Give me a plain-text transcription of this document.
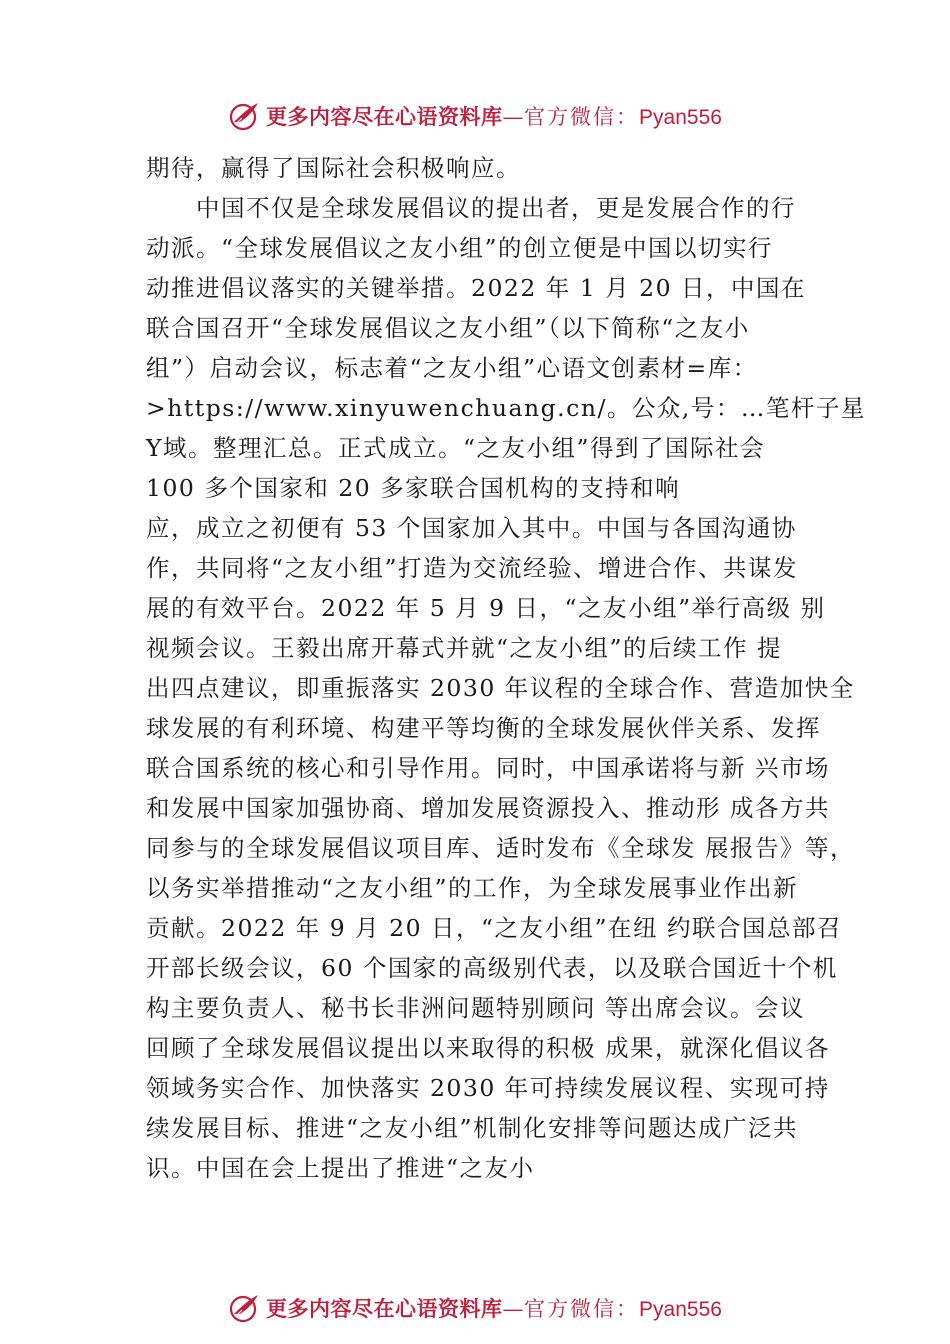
更多内容尽在心语资料库—官方微信：Pyan556
期待，赢得了国际社会积极响应。
　　中国不仅是全球发展倡议的提出者，更是发展合作的行
动派。“全球发展倡议之友小组”的创立便是中国以切实行
动推进倡议落实的关键举措。2022 年 1 月 20 日，中国在
联合国召开“全球发展倡议之友小组”（以下简称“之友小
组”）启动会议，标志着“之友小组”心语文创素材=库：
>https://www.xinyuwenchuang.cn/。公众,号：…笔杆子星
Y域。整理汇总。正式成立。“之友小组”得到了国际社会
100 多个国家和 20 多家联合国机构的支持和响
应，成立之初便有 53 个国家加入其中。中国与各国沟通协
作，共同将“之友小组”打造为交流经验、增进合作、共谋发
展的有效平台。2022 年 5 月 9 日，“之友小组”举行高级 别
视频会议。王毅出席开幕式并就“之友小组”的后续工作 提
出四点建议，即重振落实 2030 年议程的全球合作、营造加快全
球发展的有利环境、构建平等均衡的全球发展伙伴关系、发挥
联合国系统的核心和引导作用。同时，中国承诺将与新 兴市场
和发展中国家加强协商、增加发展资源投入、推动形 成各方共
同参与的全球发展倡议项目库、适时发布《全球发 展报告》等，
以务实举措推动“之友小组”的工作，为全球发展事业作出新
贡献。2022 年 9 月 20 日，“之友小组”在纽 约联合国总部召
开部长级会议，60 个国家的高级别代表，以及联合国近十个机
构主要负责人、秘书长非洲问题特别顾问 等出席会议。会议
回顾了全球发展倡议提出以来取得的积极 成果，就深化倡议各
领域务实合作、加快落实 2030 年可持续发展议程、实现可持
续发展目标、推进“之友小组”机制化安排等问题达成广泛共
识。中国在会上提出了推进“之友小
更多内容尽在心语资料库—官方微信：Pyan556
